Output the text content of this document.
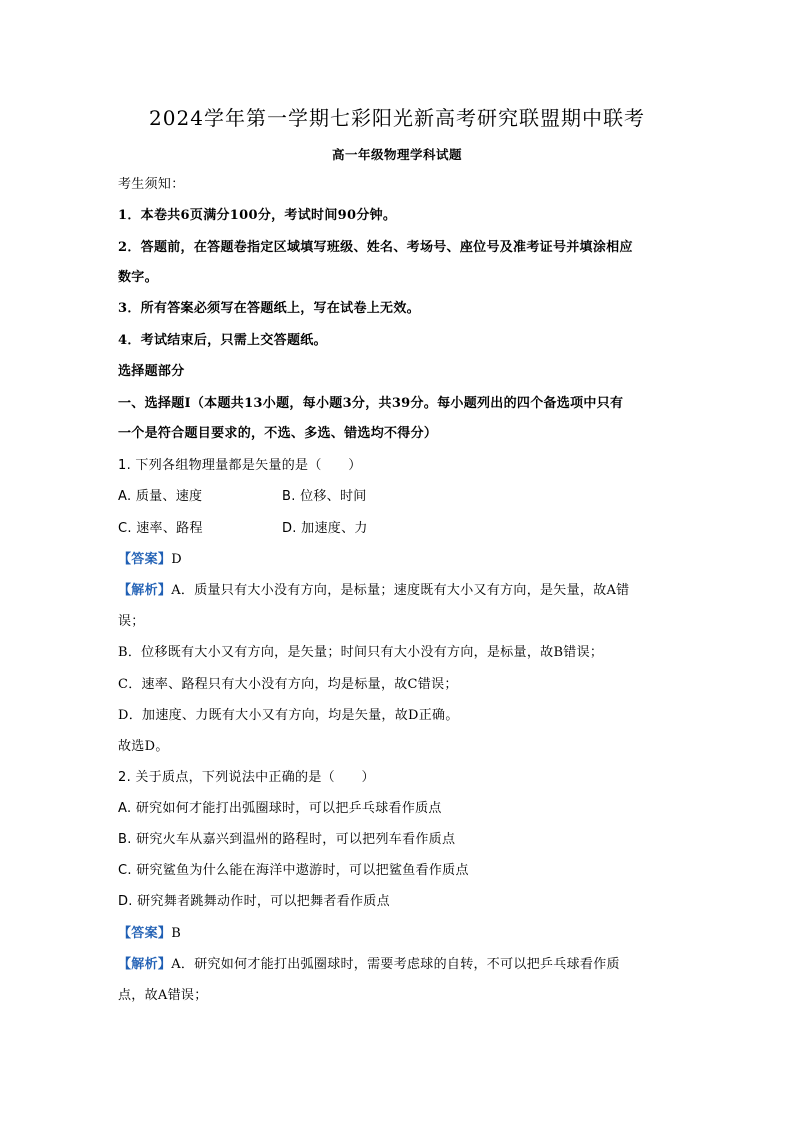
2024学年第一学期七彩阳光新高考研究联盟期中联考
高一年级物理学科试题
考生须知：
1．本卷共6页满分100分，考试时间90分钟。
2．答题前，在答题卷指定区域填写班级、姓名、考场号、座位号及准考证号并填涂相应
数字。
3．所有答案必须写在答题纸上，写在试卷上无效。
4．考试结束后，只需上交答题纸。
选择题部分
一、选择题Ⅰ（本题共13小题，每小题3分，共39分。每小题列出的四个备选项中只有
一个是符合题目要求的，不选、多选、错选均不得分）
1. 下列各组物理量都是矢量的是（　　）
A. 质量、速度	B. 位移、时间
C. 速率、路程	D. 加速度、力
【答案】D
【解析】A．质量只有大小没有方向，是标量；速度既有大小又有方向，是矢量，故A错
误；
B．位移既有大小又有方向，是矢量；时间只有大小没有方向，是标量，故B错误；
C．速率、路程只有大小没有方向，均是标量，故C错误；
D．加速度、力既有大小又有方向，均是矢量，故D正确。
故选D。
2. 关于质点，下列说法中正确的是（　　）
A. 研究如何才能打出弧圈球时，可以把乒乓球看作质点
B. 研究火车从嘉兴到温州的路程时，可以把列车看作质点
C. 研究鲨鱼为什么能在海洋中遨游时，可以把鲨鱼看作质点
D. 研究舞者跳舞动作时，可以把舞者看作质点
【答案】B
【解析】A．研究如何才能打出弧圈球时，需要考虑球的自转，不可以把乒乓球看作质
点，故A错误；
